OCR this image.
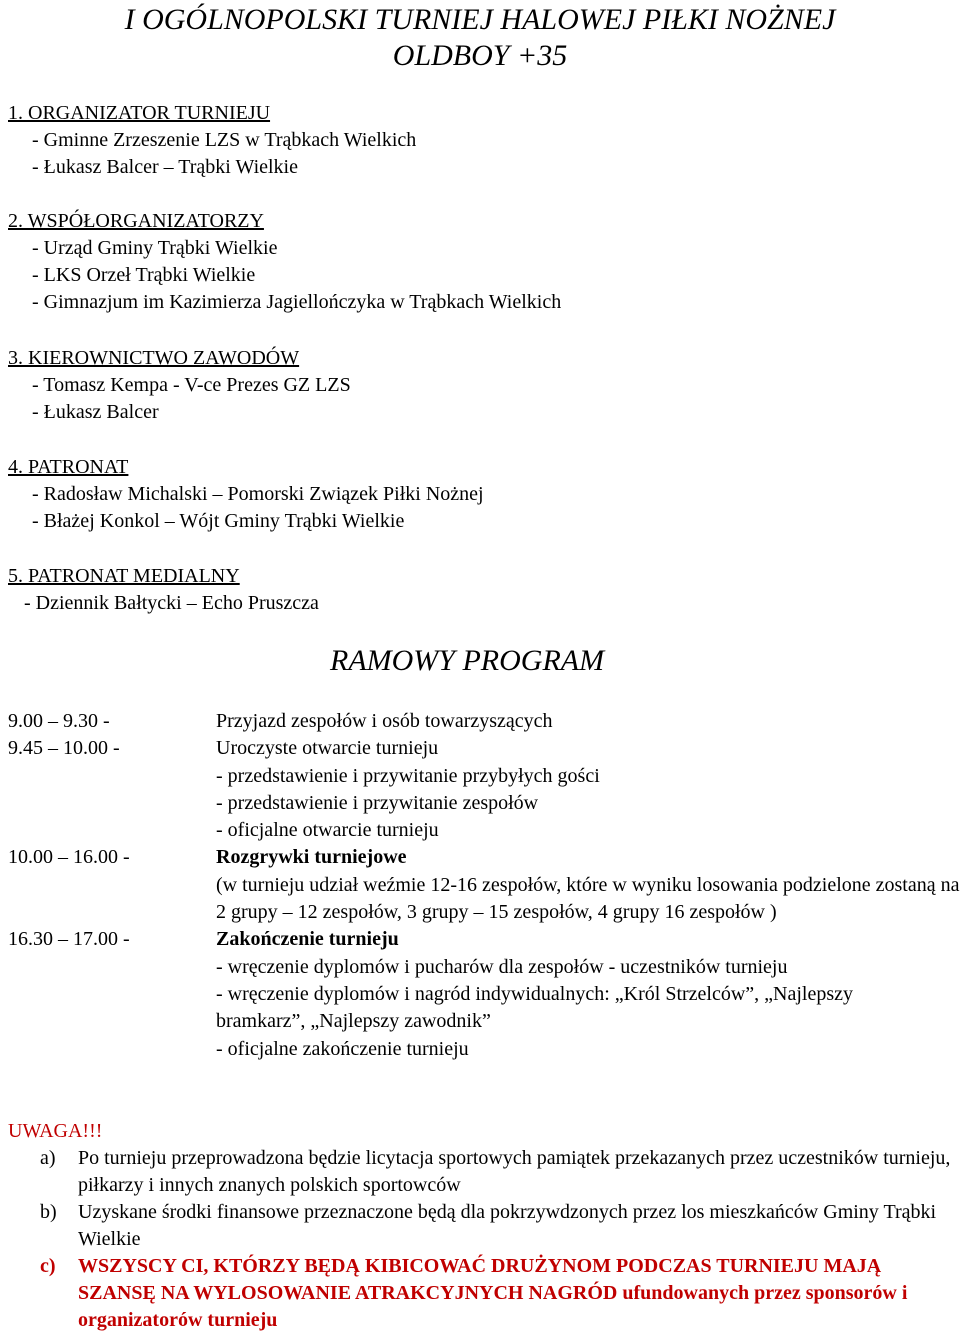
I OGÓLNOPOLSKI TURNIEJ HALOWEJ PIŁKI NOŻNEJ
OLDBOY +35
1. ORGANIZATOR TURNIEJU
- Gminne Zrzeszenie LZS w Trąbkach Wielkich
- Łukasz Balcer – Trąbki Wielkie
2. WSPÓŁORGANIZATORZY
- Urząd Gminy Trąbki Wielkie
- LKS Orzeł Trąbki Wielkie
- Gimnazjum im Kazimierza Jagiellończyka w Trąbkach Wielkich
3. KIEROWNICTWO ZAWODÓW
- Tomasz Kempa - V-ce Prezes GZ LZS
- Łukasz Balcer
4. PATRONAT
- Radosław Michalski – Pomorski Związek Piłki Nożnej
- Błażej Konkol – Wójt Gminy Trąbki Wielkie
5. PATRONAT MEDIALNY
- Dziennik Bałtycki – Echo Pruszcza
RAMOWY PROGRAM
9.00 – 9.30 -	Przyjazd zespołów i osób towarzyszących
9.45 – 10.00 -	Uroczyste otwarcie turnieju
- przedstawienie i przywitanie przybyłych gości
- przedstawienie i przywitanie zespołów
- oficjalne otwarcie turnieju
10.00 – 16.00 -	Rozgrywki turniejowe
(w turnieju udział weźmie 12-16 zespołów, które w wyniku losowania podzielone zostaną na 2 grupy – 12 zespołów, 3 grupy – 15 zespołów, 4 grupy 16 zespołów )
16.30 – 17.00 -	Zakończenie turnieju
- wręczenie dyplomów i pucharów dla zespołów - uczestników turnieju
- wręczenie dyplomów i nagród indywidualnych: „Król Strzelców”, „Najlepszy bramkarz”, „Najlepszy zawodnik”
- oficjalne zakończenie turnieju
UWAGA!!!
a)	Po turnieju przeprowadzona będzie licytacja sportowych pamiątek przekazanych przez uczestników turnieju, piłkarzy i innych znanych polskich sportowców
b)	Uzyskane środki finansowe przeznaczone będą dla pokrzywdzonych przez los mieszkańców Gminy Trąbki Wielkie
c)	WSZYSCY CI, KTÓRZY BĘDĄ KIBICOWAĆ DRUŻYNOM PODCZAS TURNIEJU MAJĄ SZANSĘ NA WYLOSOWANIE ATRAKCYJNYCH NAGRÓD ufundowanych przez sponsorów i organizatorów turnieju
